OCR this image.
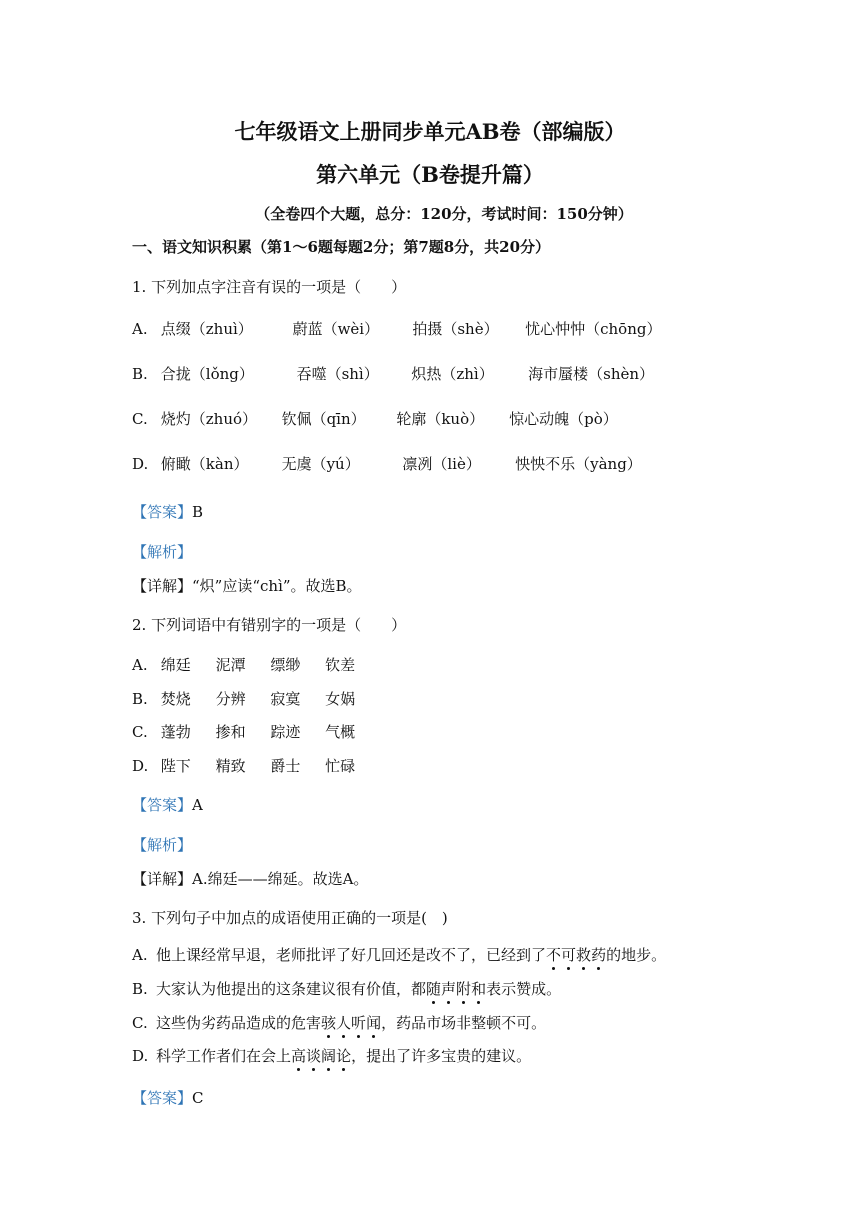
七年级语文上册同步单元AB卷（部编版）
第六单元（B卷提升篇）
（全卷四个大题，总分：120分，考试时间：150分钟）
一、语文知识积累（第1～6题每题2分；第7题8分，共20分）
1. 下列加点字注音有误的一项是（　　）
A. 点缀（zhuì）	蔚蓝（wèi） 拍摄（shè） 忧心忡忡（chōng）
B. 合拢（lǒng）	吞噬（shì） 炽热（zhì） 海市蜃楼（shèn）
C. 烧灼（zhuó） 钦佩（qīn） 轮廓（kuò） 惊心动魄（pò）
D. 俯瞰（kàn） 无虞（yú）	凛冽（liè） 怏怏不乐（yàng）
【答案】B
【解析】
【详解】“炽”应读“chì”。故选B。
2. 下列词语中有错别字的一项是（　　）
A. 绵廷 泥潭 缥缈 钦差
B. 焚烧 分辨 寂寞 女娲
C. 蓬勃 掺和 踪迹 气概
D. 陛下 精致 爵士 忙碌
【答案】A
【解析】
【详解】A.绵廷——绵延。故选A。
3. 下列句子中加点的成语使用正确的一项是(　)
A. 他上课经常早退，老师批评了好几回还是改不了，已经到了不可救药的地步。
B. 大家认为他提出的这条建议很有价值，都随声附和表示赞成。
C. 这些伪劣药品造成的危害骇人听闻，药品市场非整顿不可。
D. 科学工作者们在会上高谈阔论，提出了许多宝贵的建议。
【答案】C
